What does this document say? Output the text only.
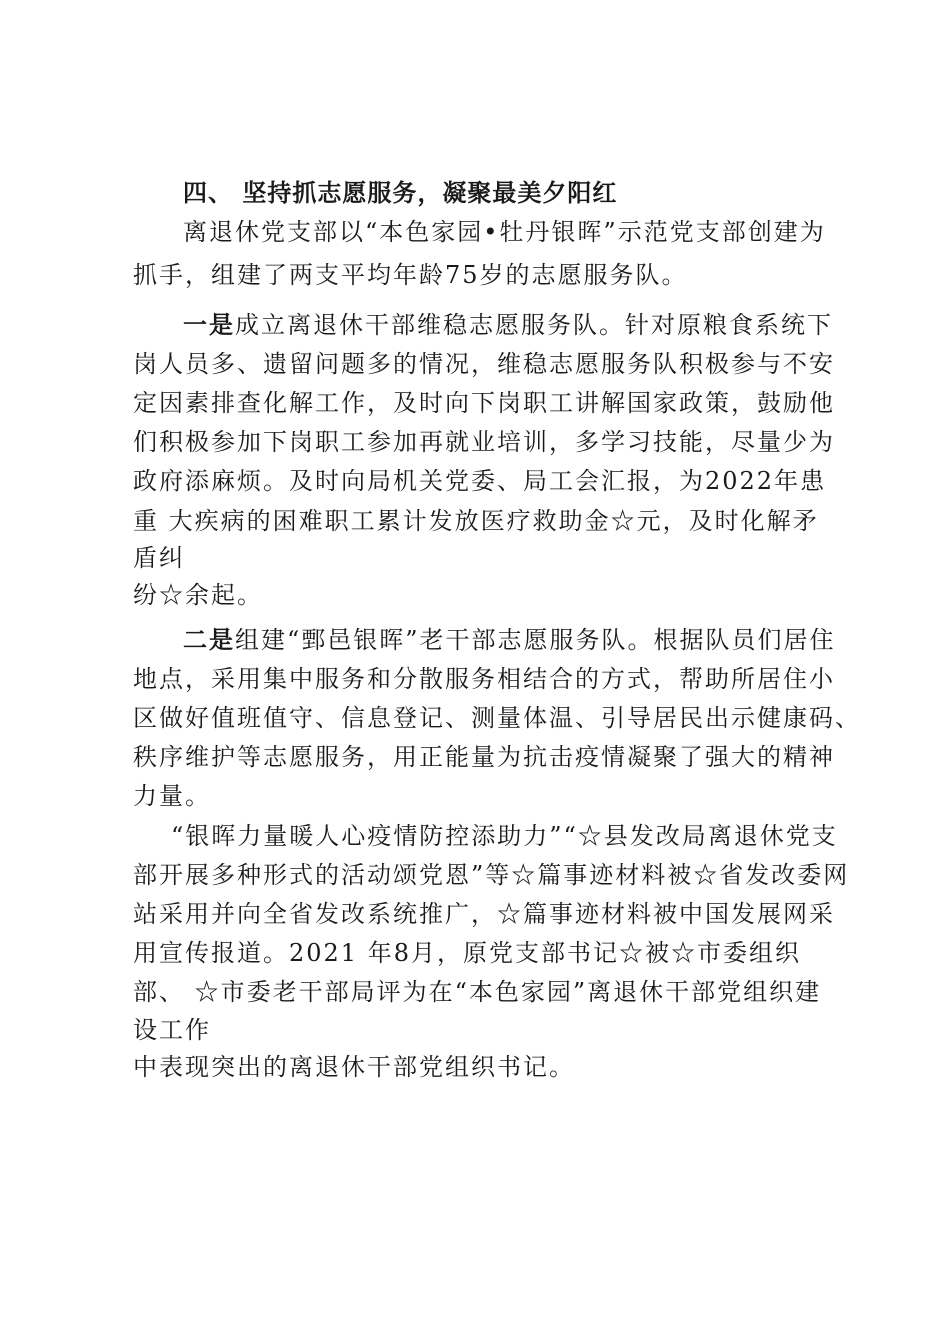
四、 坚持抓志愿服务，凝聚最美夕阳红
离退休党支部以“本色家园•牡丹银晖”示范党支部创建为
抓手，组建了两支平均年龄75岁的志愿服务队。
一是成立离退休干部维稳志愿服务队。针对原粮食系统下
岗人员多、遗留问题多的情况，维稳志愿服务队积极参与不安
定因素排查化解工作，及时向下岗职工讲解国家政策，鼓励他
们积极参加下岗职工参加再就业培训，多学习技能，尽量少为
政府添麻烦。及时向局机关党委、局工会汇报，为2022年患
重 大疾病的困难职工累计发放医疗救助金☆元，及时化解矛
盾纠
纷☆余起。
二是组建“鄄邑银晖”老干部志愿服务队。根据队员们居住
地点，采用集中服务和分散服务相结合的方式，帮助所居住小
区做好值班值守、信息登记、测量体温、引导居民出示健康码、
秩序维护等志愿服务，用正能量为抗击疫情凝聚了强大的精神
力量。
“银晖力量暖人心疫情防控添助力”“☆县发改局离退休党支
部开展多种形式的活动颂党恩”等☆篇事迹材料被☆省发改委网
站采用并向全省发改系统推广，☆篇事迹材料被中国发展网采
用宣传报道。2021 年8月，原党支部书记☆被☆市委组织
部、 ☆市委老干部局评为在“本色家园”离退休干部党组织建
设工作
中表现突出的离退休干部党组织书记。
